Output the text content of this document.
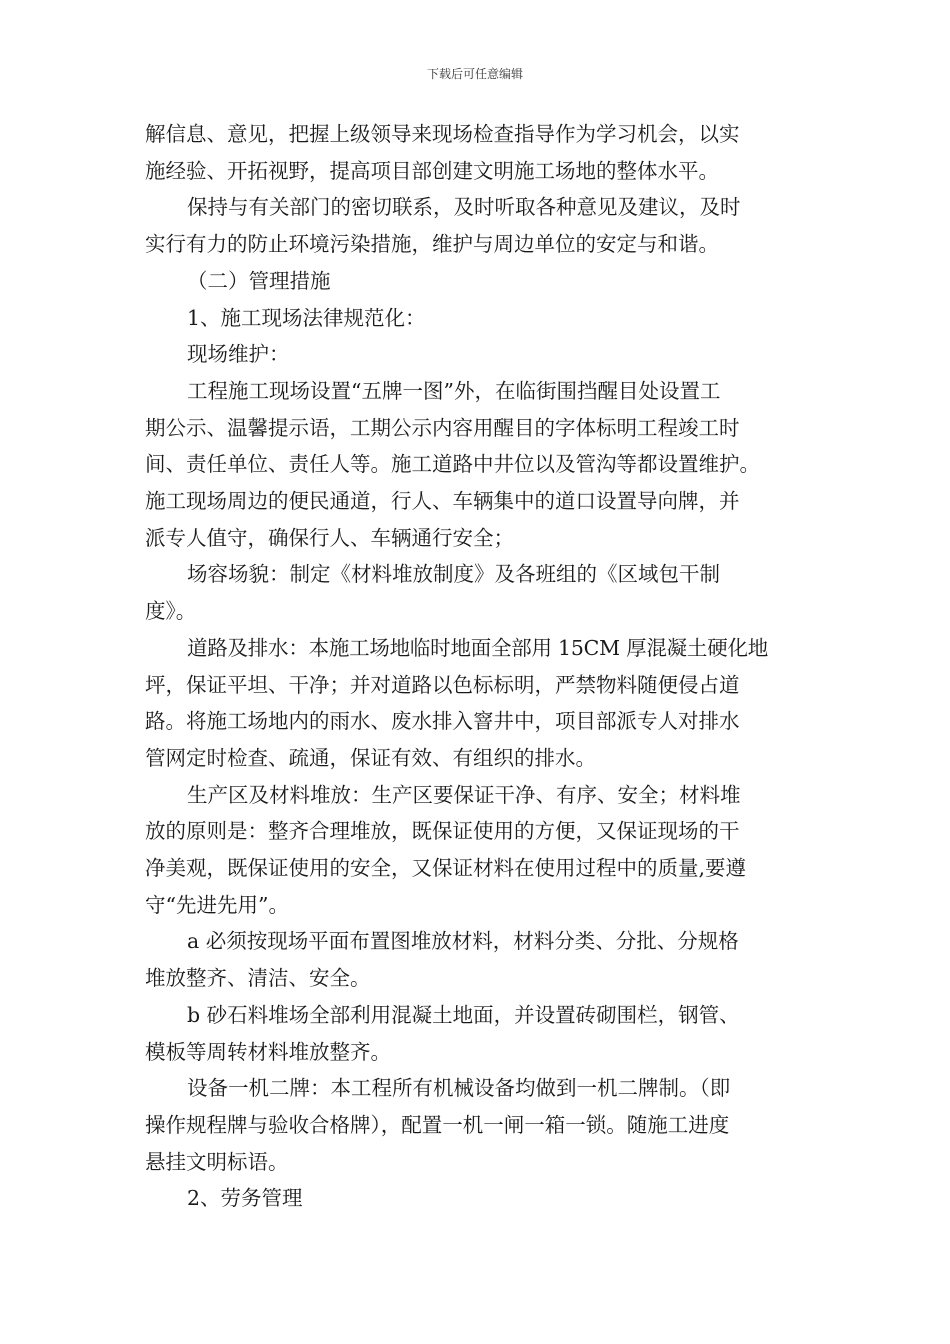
下载后可任意编辑

解信息、意见，把握上级领导来现场检查指导作为学习机会，以实
施经验、开拓视野，提高项目部创建文明施工场地的整体水平。

保持与有关部门的密切联系，及时听取各种意见及建议，及时
实行有力的防止环境污染措施，维护与周边单位的安定与和谐。

（二）管理措施

1、施工现场法律规范化：

现场维护：

工程施工现场设置“五牌一图”外，在临街围挡醒目处设置工
期公示、温馨提示语，工期公示内容用醒目的字体标明工程竣工时
间、责任单位、责任人等。施工道路中井位以及管沟等都设置维护。
施工现场周边的便民通道，行人、车辆集中的道口设置导向牌，并
派专人值守，确保行人、车辆通行安全；

场容场貌：制定《材料堆放制度》及各班组的《区域包干制
度》。

道路及排水：本施工场地临时地面全部用 15CM 厚混凝土硬化地
坪，保证平坦、干净；并对道路以色标标明，严禁物料随便侵占道
路。将施工场地内的雨水、废水排入窨井中，项目部派专人对排水
管网定时检查、疏通，保证有效、有组织的排水。

生产区及材料堆放：生产区要保证干净、有序、安全；材料堆
放的原则是：整齐合理堆放，既保证使用的方便，又保证现场的干
净美观，既保证使用的安全，又保证材料在使用过程中的质量,要遵
守“先进先用”。

a 必须按现场平面布置图堆放材料，材料分类、分批、分规格
堆放整齐、清洁、安全。

b 砂石料堆场全部利用混凝土地面，并设置砖砌围栏，钢管、
模板等周转材料堆放整齐。

设备一机二牌：本工程所有机械设备均做到一机二牌制。（即
操作规程牌与验收合格牌），配置一机一闸一箱一锁。随施工进度
悬挂文明标语。

2、劳务管理
